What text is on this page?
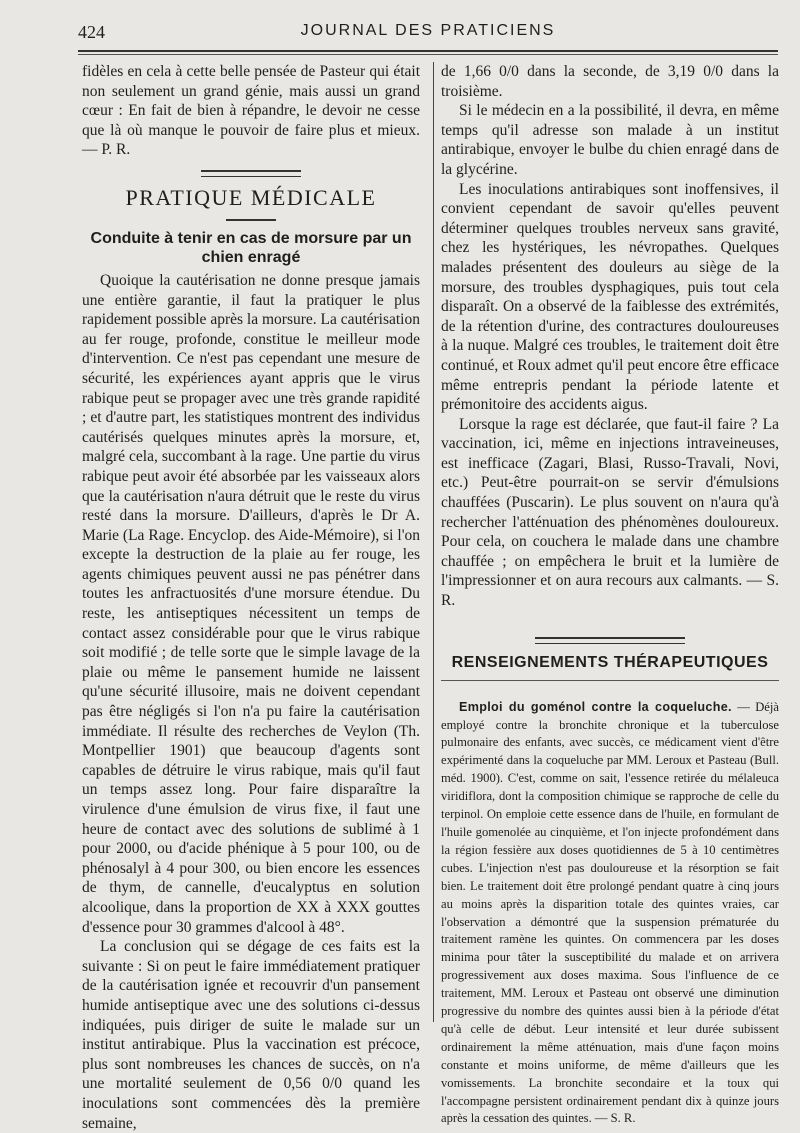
424	JOURNAL DES PRATICIENS

fidèles en cela à cette belle pensée de Pasteur qui était non seulement un grand génie, mais aussi un grand cœur : En fait de bien à répandre, le devoir ne cesse que là où manque le pouvoir de faire plus et mieux. — P. R.

PRATIQUE MÉDICALE
Conduite à tenir en cas de morsure par un chien enragé

Quoique la cautérisation ne donne presque jamais une entière garantie, il faut la pratiquer le plus rapidement possible après la morsure. La cautérisation au fer rouge, profonde, constitue le meilleur mode d'intervention. Ce n'est pas cependant une mesure de sécurité, les expériences ayant appris que le virus rabique peut se propager avec une très grande rapidité ; et d'autre part, les statistiques montrent des individus cautérisés quelques minutes après la morsure, et, malgré cela, succombant à la rage. Une partie du virus rabique peut avoir été absorbée par les vaisseaux alors que la cautérisation n'aura détruit que le reste du virus resté dans la morsure. D'ailleurs, d'après le Dr A. Marie (La Rage. Encyclop. des Aide-Mémoire), si l'on excepte la destruction de la plaie au fer rouge, les agents chimiques peuvent aussi ne pas pénétrer dans toutes les anfractuosités d'une morsure étendue. Du reste, les antiseptiques nécessitent un temps de contact assez considérable pour que le virus rabique soit modifié ; de telle sorte que le simple lavage de la plaie ou même le pansement humide ne laissent qu'une sécurité illusoire, mais ne doivent cependant pas être négligés si l'on n'a pu faire la cautérisation immédiate. Il résulte des recherches de Veylon (Th. Montpellier 1901) que beaucoup d'agents sont capables de détruire le virus rabique, mais qu'il faut un temps assez long. Pour faire disparaître la virulence d'une émulsion de virus fixe, il faut une heure de contact avec des solutions de sublimé à 1 pour 2000, ou d'acide phénique à 5 pour 100, ou de phénosalyl à 4 pour 300, ou bien encore les essences de thym, de cannelle, d'eucalyptus en solution alcoolique, dans la proportion de XX à XXX gouttes d'essence pour 30 grammes d'alcool à 48°.

La conclusion qui se dégage de ces faits est la suivante : Si on peut le faire immédiatement pratiquer de la cautérisation ignée et recouvrir d'un pansement humide antiseptique avec une des solutions ci-dessus indiquées, puis diriger de suite le malade sur un institut antirabique. Plus la vaccination est précoce, plus sont nombreuses les chances de succès, on n'a une mortalité seulement de 0,56 0/0 quand les inoculations sont commencées dès la première semaine,

de 1,66 0/0 dans la seconde, de 3,19 0/0 dans la troisième.

Si le médecin en a la possibilité, il devra, en même temps qu'il adresse son malade à un institut antirabique, envoyer le bulbe du chien enragé dans de la glycérine.

Les inoculations antirabiques sont inoffensives, il convient cependant de savoir qu'elles peuvent déterminer quelques troubles nerveux sans gravité, chez les hystériques, les névropathes. Quelques malades présentent des douleurs au siège de la morsure, des troubles dysphagiques, puis tout cela disparaît. On a observé de la faiblesse des extrémités, de la rétention d'urine, des contractures douloureuses à la nuque. Malgré ces troubles, le traitement doit être continué, et Roux admet qu'il peut encore être efficace même entrepris pendant la période latente et prémonitoire des accidents aigus.

Lorsque la rage est déclarée, que faut-il faire ? La vaccination, ici, même en injections intraveineuses, est inefficace (Zagari, Blasi, Russo-Travali, Novi, etc.) Peut-être pourrait-on se servir d'émulsions chauffées (Puscarin). Le plus souvent on n'aura qu'à rechercher l'atténuation des phénomènes douloureux. Pour cela, on couchera le malade dans une chambre chauffée ; on empêchera le bruit et la lumière de l'impressionner et on aura recours aux calmants. — S. R.

RENSEIGNEMENTS THÉRAPEUTIQUES

Emploi du goménol contre la coqueluche. — Déjà employé contre la bronchite chronique et la tuberculose pulmonaire des enfants, avec succès, ce médicament vient d'être expérimenté dans la coqueluche par MM. Leroux et Pasteau (Bull. méd. 1900). C'est, comme on sait, l'essence retirée du mélaleuca viridiflora, dont la composition chimique se rapproche de celle du terpinol. On emploie cette essence dans de l'huile, en formulant de l'huile gomenolée au cinquième, et l'on injecte profondément dans la région fessière aux doses quotidiennes de 5 à 10 centimètres cubes. L'injection n'est pas douloureuse et la résorption se fait bien. Le traitement doit être prolongé pendant quatre à cinq jours au moins après la disparition totale des quintes vraies, car l'observation a démontré que la suspension prématurée du traitement ramène les quintes. On commencera par les doses minima pour tâter la susceptibilité du malade et on arrivera progressivement aux doses maxima. Sous l'influence de ce traitement, MM. Leroux et Pasteau ont observé une diminution progressive du nombre des quintes aussi bien à la période d'état qu'à celle de début. Leur intensité et leur durée subissent ordinairement la même atténuation, mais d'une façon moins constante et moins uniforme, de même d'ailleurs que les vomissements. La bronchite secondaire et la toux qui l'accompagne persistent ordinairement pendant dix à quinze jours après la cessation des quintes. — S. R.
